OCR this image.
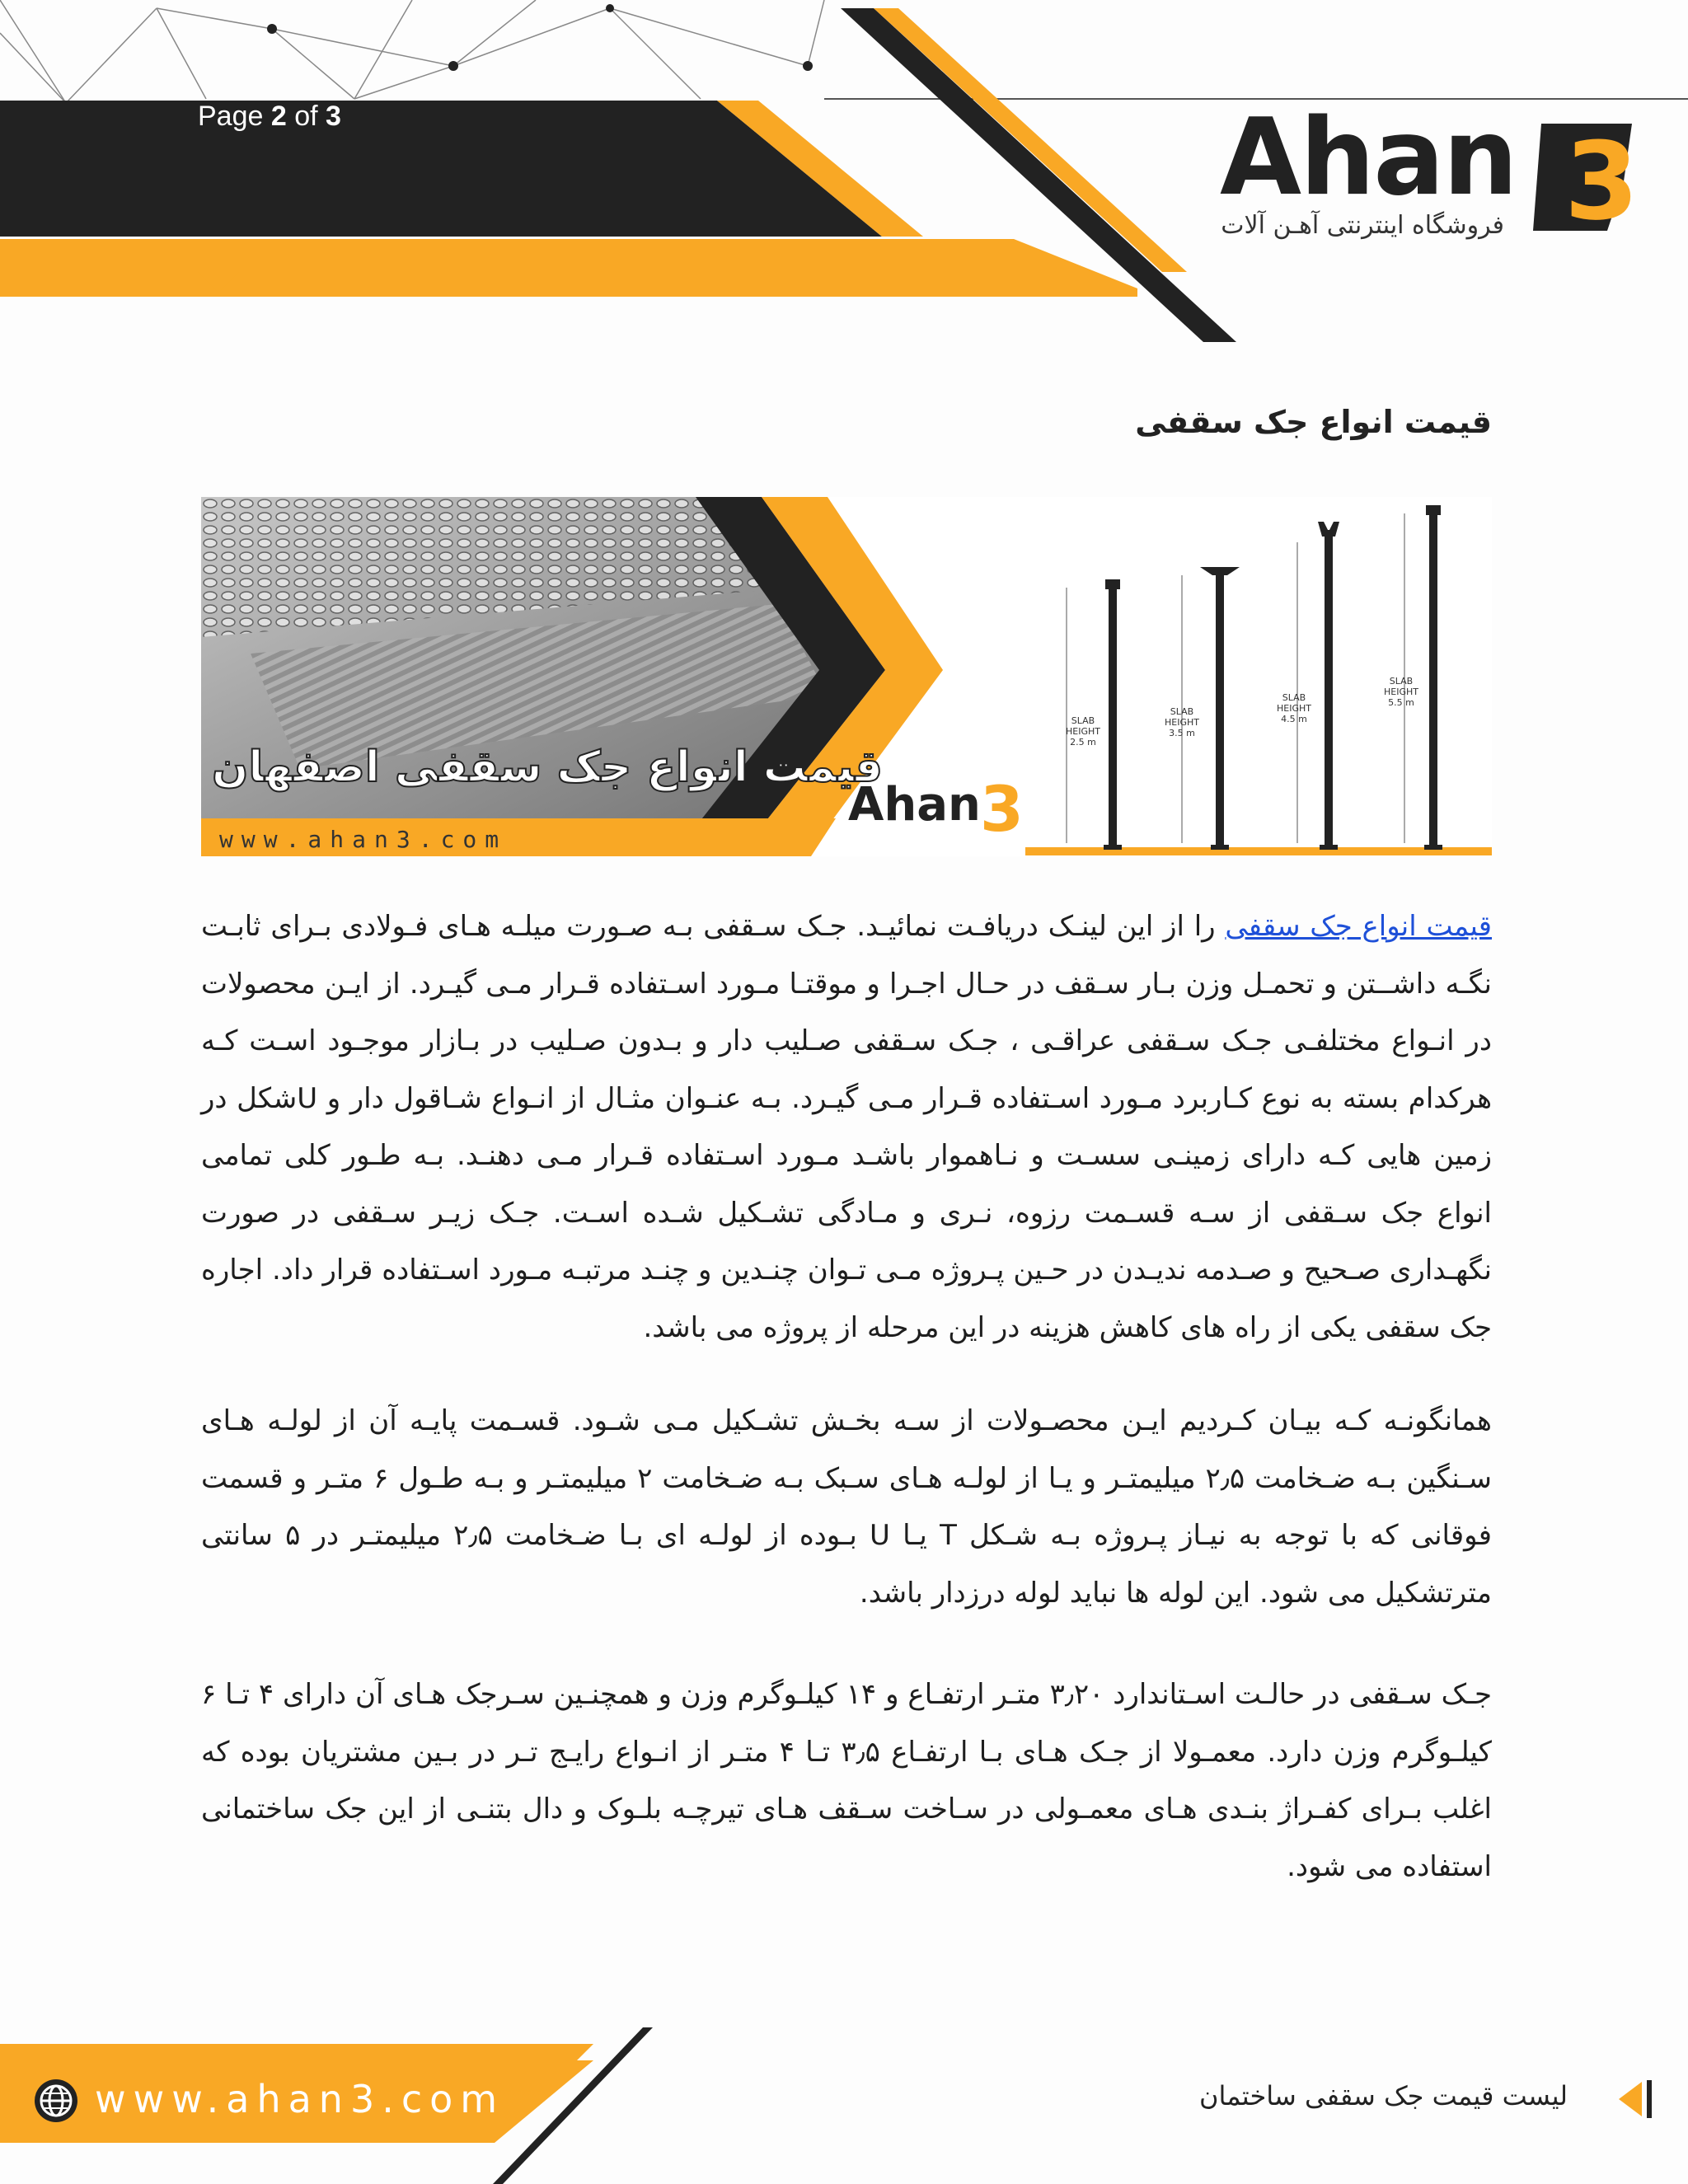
Page 2 of 3	Ahan 3
فروشگاه اینترنتی آهـن آلات
قیمت انواع جک سقفی
قیمت انواع جک سقفی اصفهان
www.ahan3.com
Ahan 3
SLAB
HEIGHT
2.5 m
SLAB
HEIGHT
3.5 m
SLAB
HEIGHT
4.5 m
SLAB
HEIGHT
5.5 m
قیمت انواع جک سقفی را از این لینـک دریافـت نمائیـد. جـک سـقفی بـه صـورت میلـه هـای فـولادی بـرای ثابـت نگـه داشــتن و تحمـل وزن بـار سـقف در حـال اجـرا و موقتـا مـورد اسـتفاده قـرار مـی گیـرد. از ایـن محصولات در انـواع مختلفـی جـک سـقفی عراقـی ، جـک سـقفی صـلیب دار و بـدون صـلیب در بـازار موجـود اسـت کـه هرکدام بسته به نوع کـاربرد مـورد اسـتفاده قـرار مـی گیـرد. بـه عنـوان مثـال از انـواع شـاقول دار و Uشکل در زمین هایی کـه دارای زمینـی سسـت و نـاهموار باشـد مـورد اسـتفاده قـرار مـی دهنـد. بـه طـور کلی تمامی انواع جک سـقفی از سـه قسـمت رزوه، نـری و مـادگی تشـکیل شـده اسـت. جـک زیـر سـقفی در صورت نگهـداری صـحیح و صـدمه ندیـدن در حـین پـروژه مـی تـوان چنـدین و چنـد مرتبـه مـورد اسـتفاده قرار داد. اجاره جک سقفی یکی از راه های کاهش هزینه در این مرحله از پروژه می باشد.
همانگونـه کـه بیـان کـردیم ایـن محصـولات از سـه بخـش تشـکیل مـی شـود. قسـمت پایـه آن از لولـه هـای سـنگین بـه ضـخامت ۲٫۵ میلیمتـر و یـا از لولـه هـای سـبک بـه ضـخامت ۲ میلیمتـر و بـه طـول ۶ متـر و قسمت فوقانی که با توجه به نیـاز پـروژه بـه شـکل T یـا U بـوده از لولـه ای بـا ضـخامت ۲٫۵ میلیمتـر در ۵ سانتی مترتشکیل می شود. این لوله ها نباید لوله درزدار باشد.
جـک سـقفی در حالـت اسـتاندارد ۳٫۲۰ متـر ارتفـاع و ۱۴ کیلـوگرم وزن و همچنـین سـرجک هـای آن دارای ۴ تـا ۶ کیلـوگرم وزن دارد. معمـولا از جـک هـای بـا ارتفـاع ۳٫۵ تـا ۴ متـر از انـواع رایـج تـر در بـین مشتریان بوده که اغلب بـرای کفـراژ بنـدی هـای معمـولی در سـاخت سـقف هـای تیرچـه بلـوک و دال بتنـی از این جک ساختمانی استفاده می شود.
www.ahan3.com	لیست قیمت جک سقفی ساختمان
